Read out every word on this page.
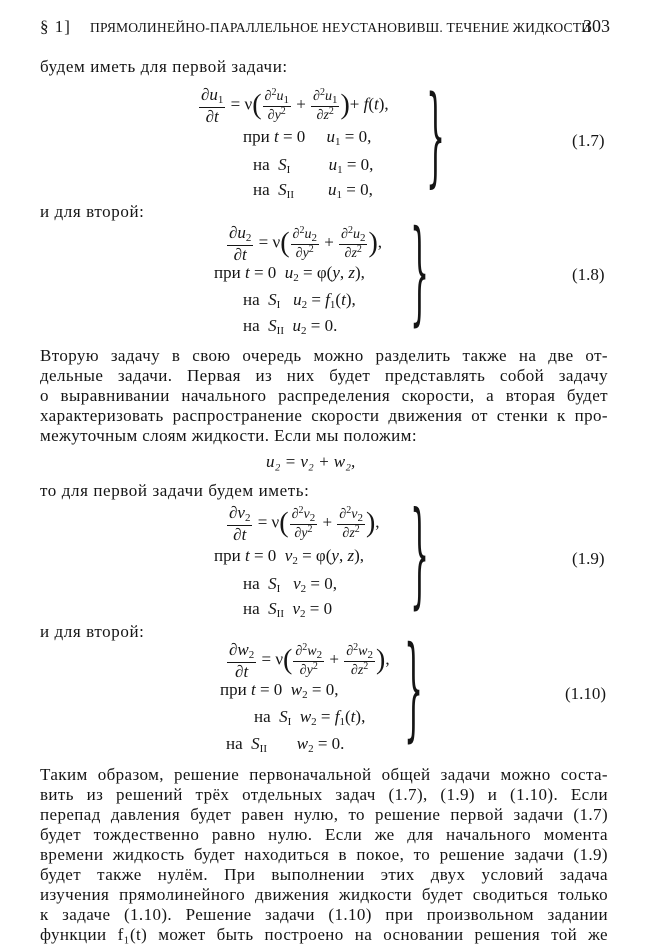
§ 1] ПРЯМОЛИНЕЙНО-ПАРАЛЛЕЛЬНОЕ НЕУСТАНОВИВШ. ТЕЧЕНИЕ ЖИДКОСТИ
303
будем иметь для первой задачи:
$\frac{\partial u_1}{\partial t} = \nu( \frac{\partial^2u_1}{\partial y^2} + \frac{\partial^2u_1}{\partial z^2}$ )+ f(t),
при t = 0     $u_1 = 0$,
на  $S_I$ $u_1 = 0$,
на  $S_{II}$ $u_1 = 0$, }	(1.7)
и для второй:
$\frac{\partial u_2}{\partial t} = \nu( \frac{\partial^2u_2}{\partial y^2} + \frac{\partial^2u_2}{\partial z^2}$ ),
при t = 0  $u_2 = \varphi(y$, z),
на  $S_I$ $u_2 = f_1(t)$,
на  $S_{II}$ $u_2 = 0$. }	(1.8)
Вторую задачу в свою очередь можно разделить также на две от-
дельные задачи. Первая из них будет представлять собой задачу
о выравнивании начального распределения скорости, а вторая будет
характеризовать распространение скорости движения от стенки к про-
межуточным слоям жидкости. Если мы положим:
u₂ = v₂ + w₂,
то для первой задачи будем иметь:
$\frac{\partial v_2}{\partial t} = \nu( \frac{\partial^2v_2}{\partial y^2} + \frac{\partial^2v_2}{\partial z^2}$ ),
при t = 0  $v_2 = \varphi(y$, z),
на  $S_I$ $v_2 = 0$,
на  $S_{II}$ $v_2 = 0$	}	(1.9)
и для второй:
$\frac{\partial w_2}{\partial t} = \nu( \frac{\partial^2w_2}{\partial y^2} + \frac{\partial^2w_2}{\partial z^2}$ ),
при t = 0  $w_2 = 0$,
на  $S_I$ $w_2 = f_1(t)$,
на  $S_{II}$ $w_2 = 0$. }	(1.10)
Таким образом, решение первоначальной общей задачи можно соста-
вить из решений трёх отдельных задач (1.7), (1.9) и (1.10). Если
перепад давления будет равен нулю, то решение первой задачи (1.7)
будет тождественно равно нулю. Если же для начального момента
времени жидкость будет находиться в покое, то решение задачи (1.9)
будет также нулём. При выполнении этих двух условий задача
изучения прямолинейного движения жидкости будет сводиться только
к задаче (1.10). Решение задачи (1.10) при произвольном задании
функции f₁(t) может быть построено на основании решения той же
